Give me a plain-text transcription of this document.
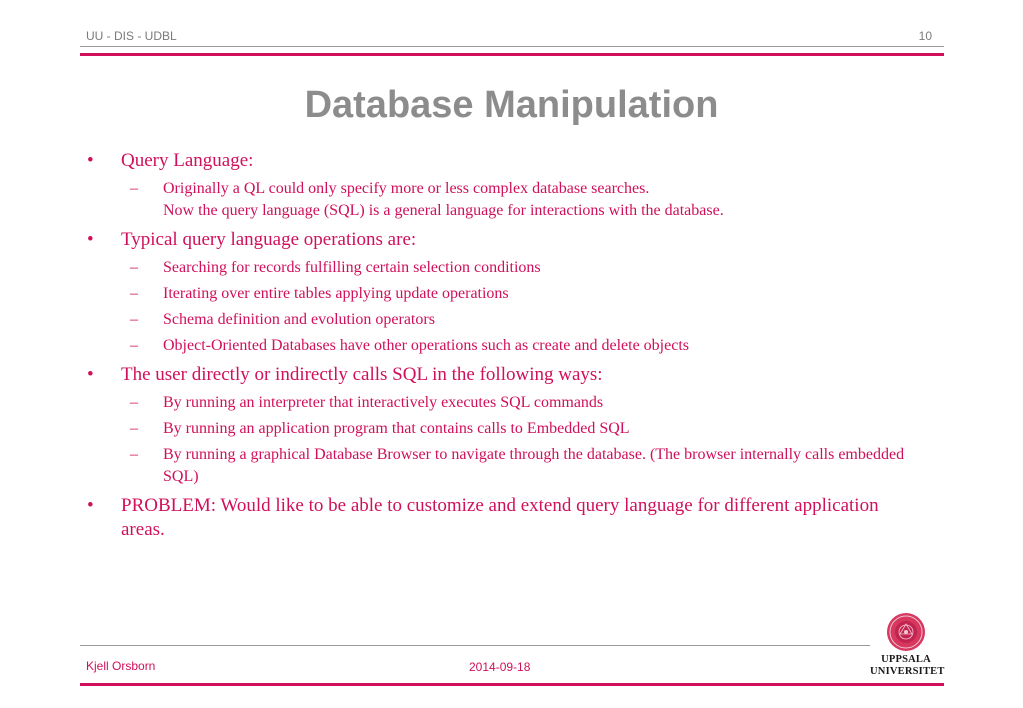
UU - DIS - UDBL	10
Database Manipulation
• Query Language:
– Originally a QL could only specify more or less complex database searches.
Now the query language (SQL) is a general language for interactions with the database.
• Typical query language operations are:
– Searching for records fulfilling certain selection conditions
– Iterating over entire tables applying update operations
– Schema definition and evolution operators
– Object-Oriented Databases have other operations such as create and delete objects
• The user directly or indirectly calls SQL in the following ways:
– By running an interpreter that interactively executes SQL commands
– By running an application program that contains calls to Embedded SQL
– By running a graphical Database Browser to navigate through the database. (The browser internally calls embedded SQL)
• PROBLEM: Would like to be able to customize and extend query language for different application areas.
Kjell Orsborn	2014-09-18
UPPSALA
UNIVERSITET
